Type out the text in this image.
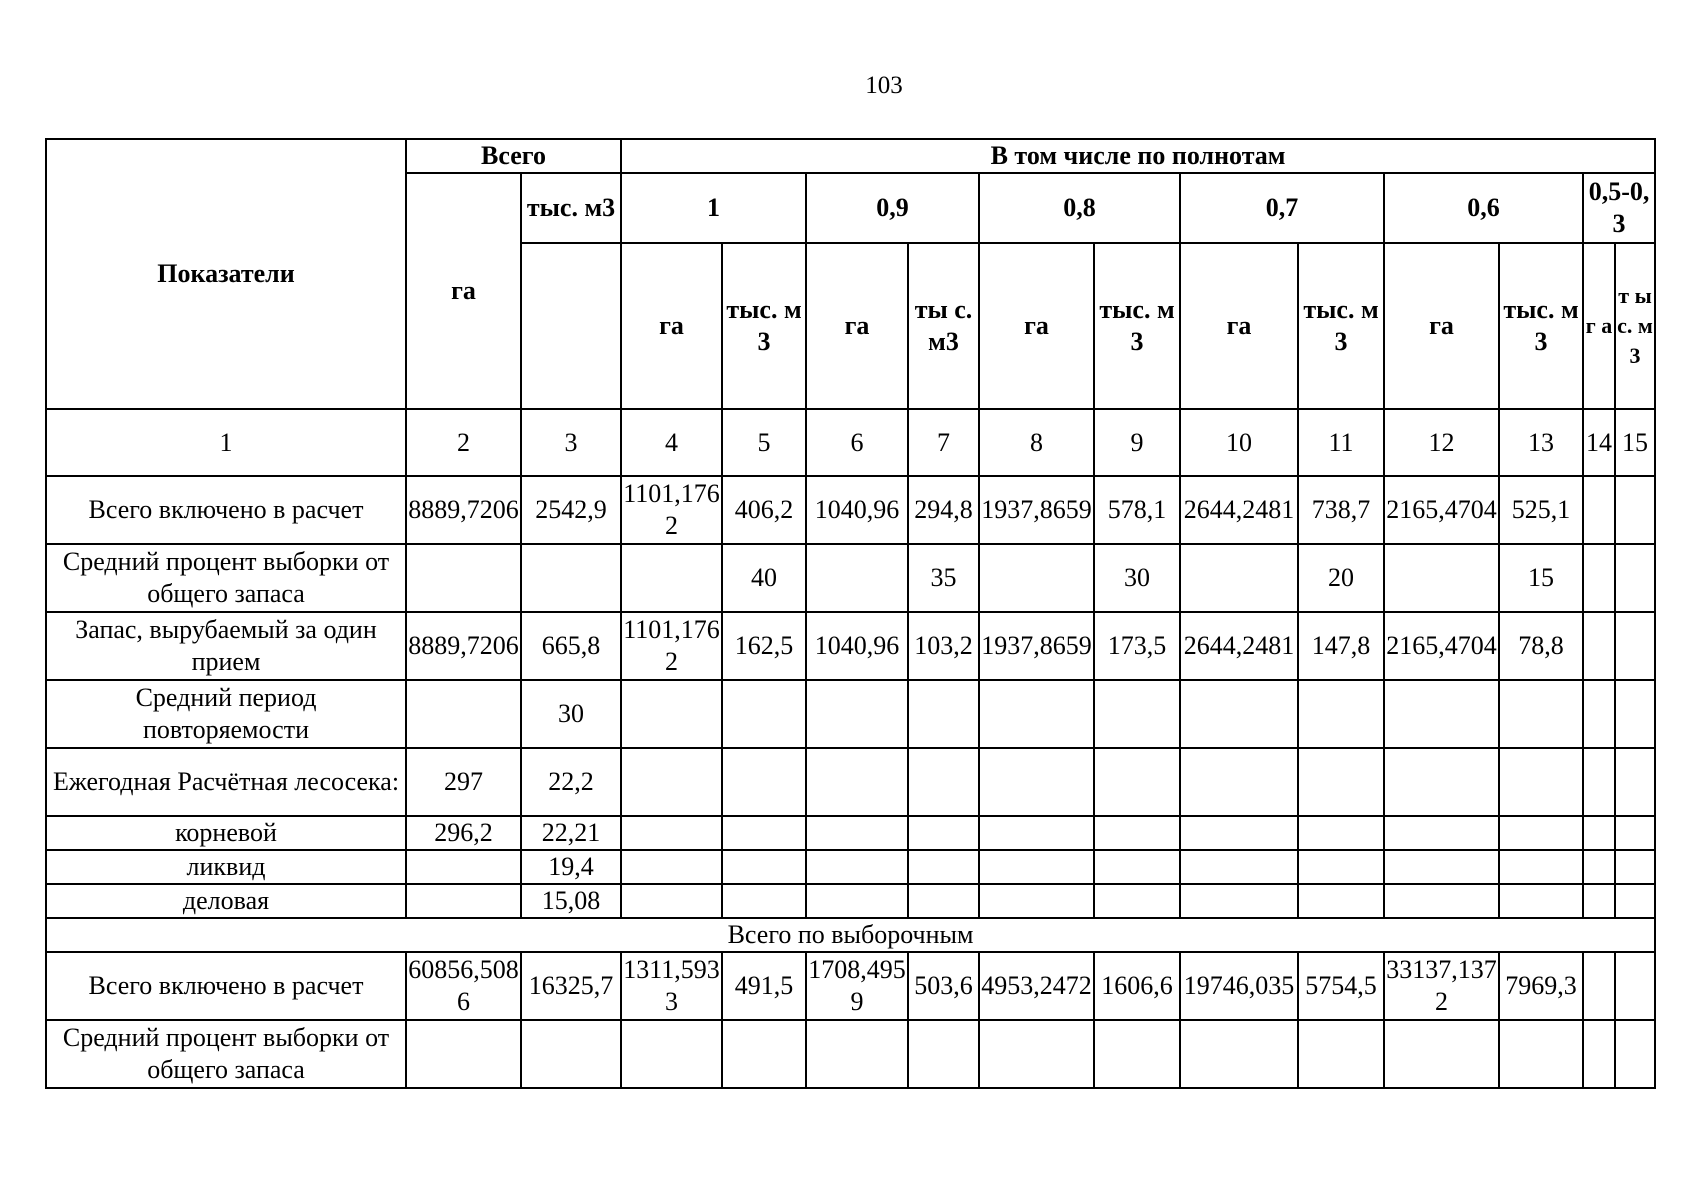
103
Показатели	Всего		В том числе по полнотам											
	га	тыс. м3	1		0,9		0,8		0,7		0,6		0,5-0,3	
			га	тыс. м3	га	ты с. м3	га	тыс. м3	га	тыс. м3	га	тыс. м3	г а	т ы с. м 3
1	2	3	4	5	6	7	8	9	10	11	12	13	14	15
Всего включено в расчет	8889,7206	2542,9	1101,1762	406,2	1040,96	294,8	1937,8659	578,1	2644,2481	738,7	2165,4704	525,1		
Средний процент выборки от общего запаса				40		35		30		20		15		
Запас, вырубаемый за один прием	8889,7206	665,8	1101,1762	162,5	1040,96	103,2	1937,8659	173,5	2644,2481	147,8	2165,4704	78,8		
Средний период повторяемости		30												
Ежегодная Расчётная лесосека:	297	22,2												
корневой	296,2	22,21												
ликвид		19,4												
деловая		15,08												
Всего по выборочным														
Всего включено в расчет	60856,5086	16325,7	1311,5933	491,5	1708,4959	503,6	4953,2472	1606,6	19746,035	5754,5	33137,1372	7969,3		
Средний процент выборки от общего запаса														
